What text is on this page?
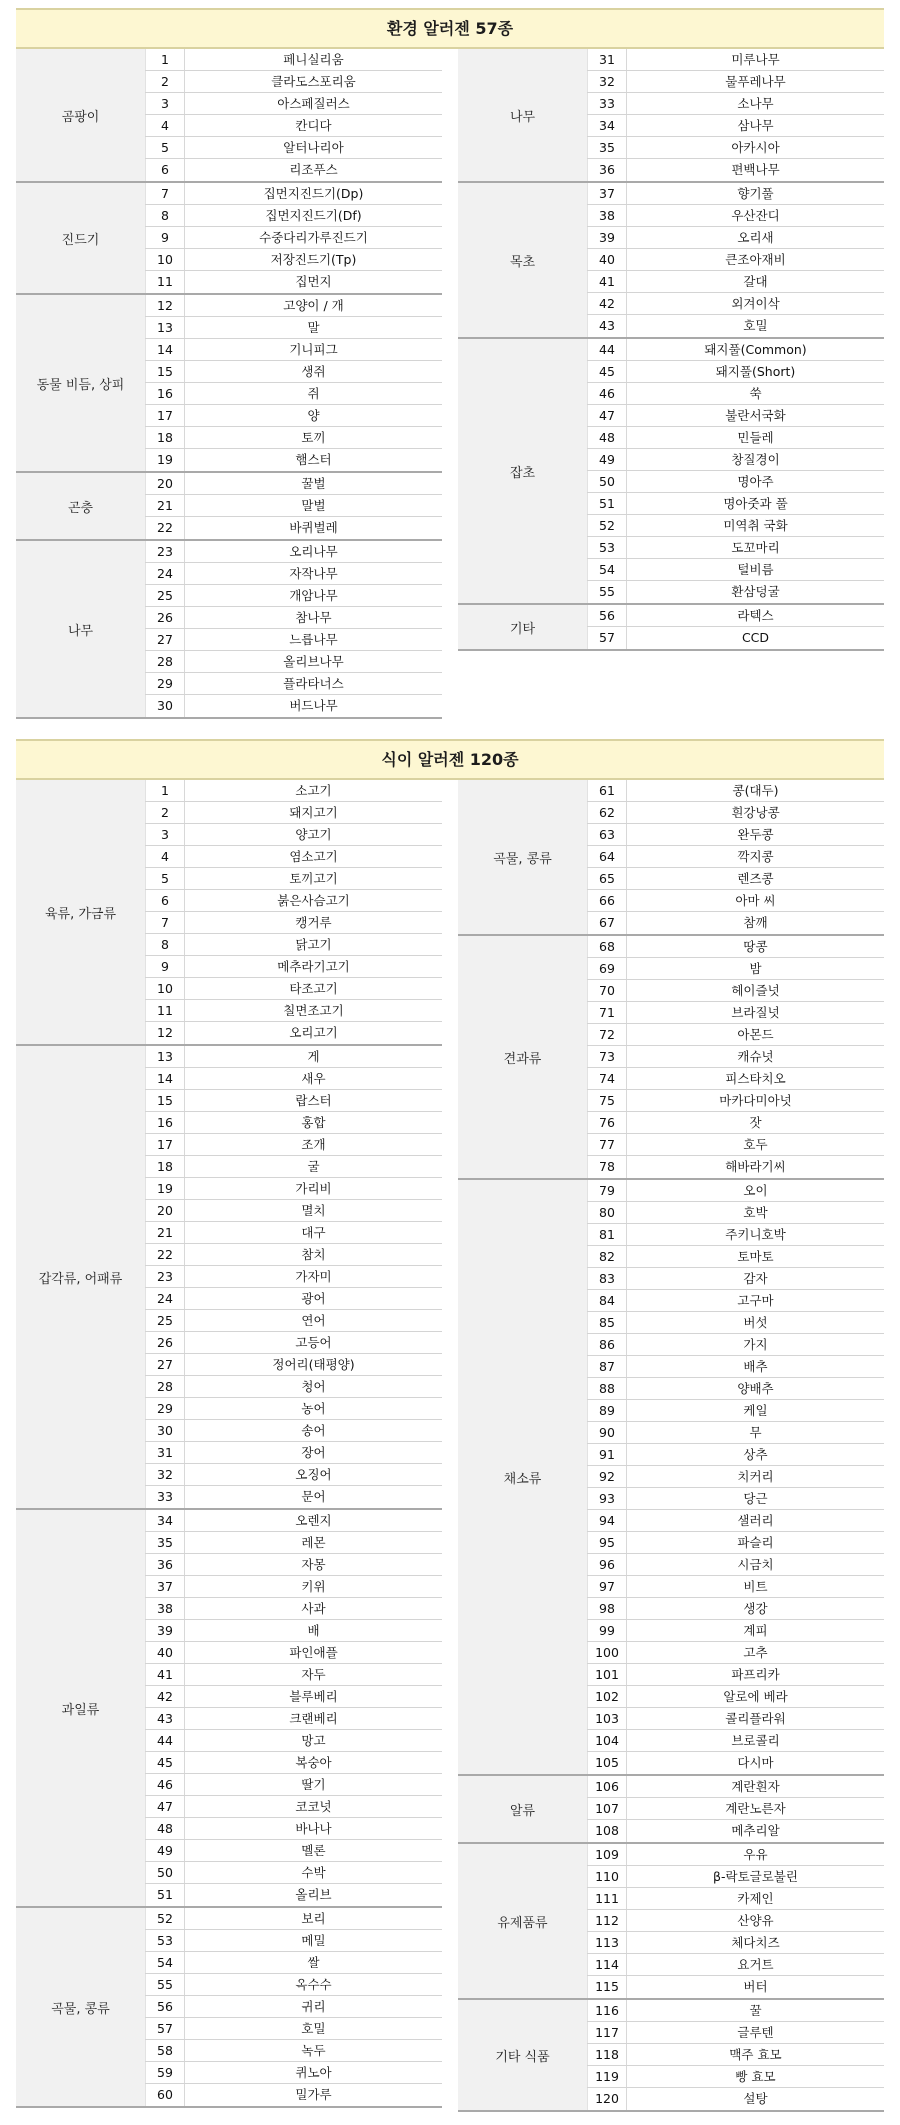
환경 알러젠 57종
곰팡이
1	페니실리움
2	클라도스포리움
3	아스페질러스
4	칸디다
5	알터나리아
6	리조푸스
진드기
7	집먼지진드기(Dp)
8	집먼지진드기(Df)
9	수중다리가루진드기
10	저장진드기(Tp)
11	집먼지
동물 비듬, 상피
12	고양이 / 개
13	말
14	기니피그
15	생쥐
16	쥐
17	양
18	토끼
19	햄스터
곤충
20	꿀벌
21	말벌
22	바퀴벌레
나무
23	오리나무
24	자작나무
25	개암나무
26	참나무
27	느릅나무
28	올리브나무
29	플라타너스
30	버드나무
나무
31	미루나무
32	물푸레나무
33	소나무
34	삼나무
35	아카시아
36	편백나무
목초
37	향기풀
38	우산잔디
39	오리새
40	큰조아재비
41	갈대
42	외겨이삭
43	호밀
잡초
44	돼지풀(Common)
45	돼지풀(Short)
46	쑥
47	불란서국화
48	민들레
49	창질경이
50	명아주
51	명아줏과 풀
52	미역취 국화
53	도꼬마리
54	털비름
55	환삼덩굴
기타
56	라텍스
57	CCD
식이 알러젠 120종
육류, 가금류
1	소고기
2	돼지고기
3	양고기
4	염소고기
5	토끼고기
6	붉은사슴고기
7	캥거루
8	닭고기
9	메추라기고기
10	타조고기
11	칠면조고기
12	오리고기
갑각류, 어패류
13	게
14	새우
15	랍스터
16	홍합
17	조개
18	굴
19	가리비
20	멸치
21	대구
22	참치
23	가자미
24	광어
25	연어
26	고등어
27	정어리(태평양)
28	청어
29	농어
30	송어
31	장어
32	오징어
33	문어
과일류
34	오렌지
35	레몬
36	자몽
37	키위
38	사과
39	배
40	파인애플
41	자두
42	블루베리
43	크랜베리
44	망고
45	복숭아
46	딸기
47	코코넛
48	바나나
49	멜론
50	수박
51	올리브
곡물, 콩류
52	보리
53	메밀
54	쌀
55	옥수수
56	귀리
57	호밀
58	녹두
59	퀴노아
60	밀가루
곡물, 콩류
61	콩(대두)
62	흰강낭콩
63	완두콩
64	깍지콩
65	렌즈콩
66	아마 씨
67	참깨
견과류
68	땅콩
69	밤
70	헤이즐넛
71	브라질넛
72	아몬드
73	캐슈넛
74	피스타치오
75	마카다미아넛
76	잣
77	호두
78	해바라기씨
채소류
79	오이
80	호박
81	주키니호박
82	토마토
83	감자
84	고구마
85	버섯
86	가지
87	배추
88	양배추
89	케일
90	무
91	상추
92	치커리
93	당근
94	샐러리
95	파슬리
96	시금치
97	비트
98	생강
99	계피
100	고추
101	파프리카
102	알로에 베라
103	콜리플라워
104	브로콜리
105	다시마
알류
106	계란흰자
107	계란노른자
108	메추리알
유제품류
109	우유
110	β-락토글로불린
111	카제인
112	산양유
113	체다치즈
114	요거트
115	버터
기타 식품
116	꿀
117	글루텐
118	맥주 효모
119	빵 효모
120	설탕
